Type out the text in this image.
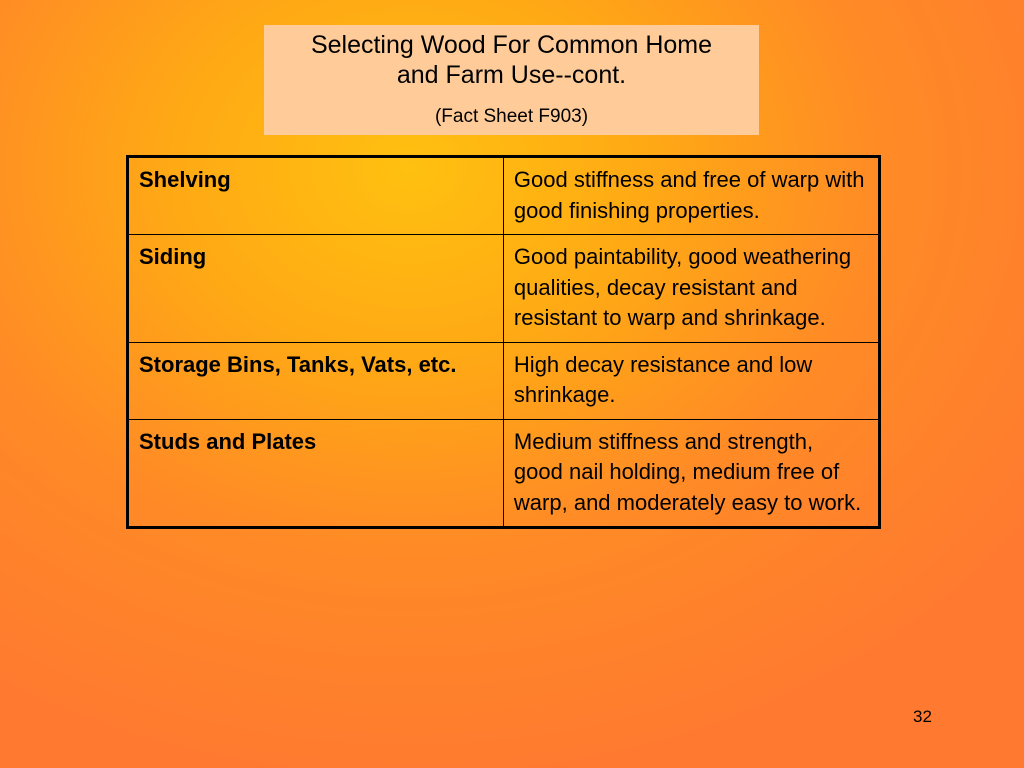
Selecting Wood For Common Home
and Farm Use--cont.
(Fact Sheet F903)
Shelving	Good stiffness and free of warp with good finishing properties.
Siding	Good paintability, good weathering qualities, decay resistant and resistant to warp and shrinkage.
Storage Bins, Tanks, Vats, etc.	High decay resistance and low shrinkage.
Studs and Plates	Medium stiffness and strength, good nail holding, medium free of warp, and moderately easy to work.
32
